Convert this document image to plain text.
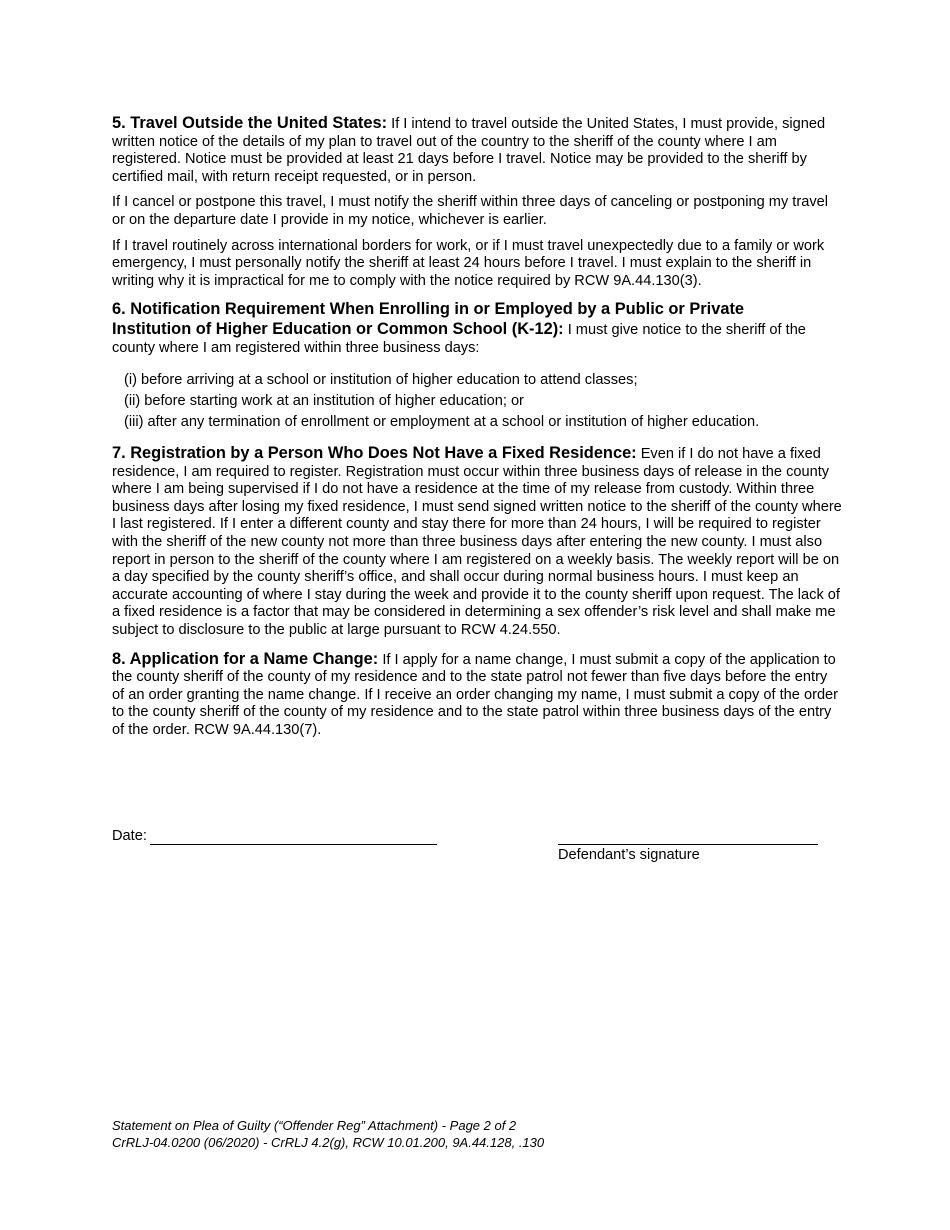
5. Travel Outside the United States: If I intend to travel outside the United States, I must provide, signed written notice of the details of my plan to travel out of the country to the sheriff of the county where I am registered. Notice must be provided at least 21 days before I travel. Notice may be provided to the sheriff by certified mail, with return receipt requested, or in person.

If I cancel or postpone this travel, I must notify the sheriff within three days of canceling or postponing my travel or on the departure date I provide in my notice, whichever is earlier.

If I travel routinely across international borders for work, or if I must travel unexpectedly due to a family or work emergency, I must personally notify the sheriff at least 24 hours before I travel. I must explain to the sheriff in writing why it is impractical for me to comply with the notice required by RCW 9A.44.130(3).

6. Notification Requirement When Enrolling in or Employed by a Public or Private
Institution of Higher Education or Common School (K-12): I must give notice to the sheriff of the county where I am registered within three business days:

(i) before arriving at a school or institution of higher education to attend classes;
(ii) before starting work at an institution of higher education; or
(iii) after any termination of enrollment or employment at a school or institution of higher education.

7. Registration by a Person Who Does Not Have a Fixed Residence: Even if I do not have a fixed residence, I am required to register. Registration must occur within three business days of release in the county where I am being supervised if I do not have a residence at the time of my release from custody. Within three business days after losing my fixed residence, I must send signed written notice to the sheriff of the county where I last registered. If I enter a different county and stay there for more than 24 hours, I will be required to register with the sheriff of the new county not more than three business days after entering the new county. I must also report in person to the sheriff of the county where I am registered on a weekly basis. The weekly report will be on a day specified by the county sheriff’s office, and shall occur during normal business hours. I must keep an accurate accounting of where I stay during the week and provide it to the county sheriff upon request. The lack of a fixed residence is a factor that may be considered in determining a sex offender’s risk level and shall make me subject to disclosure to the public at large pursuant to RCW 4.24.550.

8. Application for a Name Change: If I apply for a name change, I must submit a copy of the application to the county sheriff of the county of my residence and to the state patrol not fewer than five days before the entry of an order granting the name change. If I receive an order changing my name, I must submit a copy of the order to the county sheriff of the county of my residence and to the state patrol within three business days of the entry of the order. RCW 9A.44.130(7).

Date:
Defendant’s signature
Statement on Plea of Guilty (“Offender Reg” Attachment) - Page 2 of 2
CrRLJ-04.0200 (06/2020) - CrRLJ 4.2(g), RCW 10.01.200, 9A.44.128, .130
